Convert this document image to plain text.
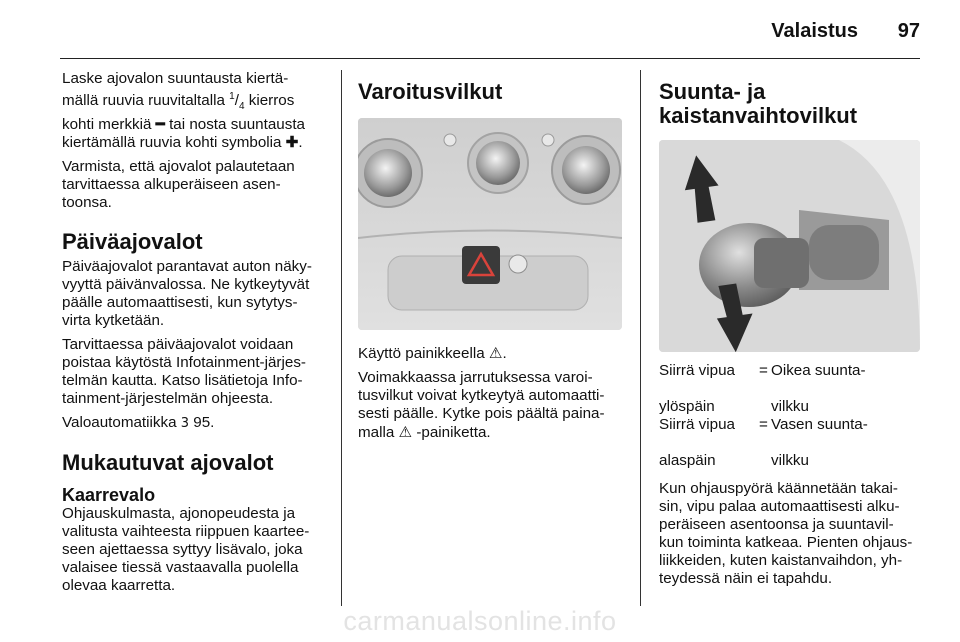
Valaistus 97

Laske ajovalon suuntausta kiertä-
mällä ruuvia ruuvitaltalla $^1/_4$ kierros
kohti merkkiä ━ tai nosta suuntausta
kiertämällä ruuvia kohti symbolia ✚.

Varmista, että ajovalot palautetaan
tarvittaessa alkuperäiseen asen-
toonsa.

Päiväajovalot

Päiväajovalot parantavat auton näky-
vyyttä päivänvalossa. Ne kytkeytyvät
päälle automaattisesti, kun sytytys-
virta kytketään.

Tarvittaessa päiväajovalot voidaan
poistaa käytöstä Infotainment-järjes-
telmän kautta. Katso lisätietoja Info-
tainment-järjestelmän ohjeesta.

Valoautomatiikka 3 95.

Mukautuvat ajovalot
Kaarrevalo

Ohjauskulmasta, ajonopeudesta ja
valitusta vaihteesta riippuen kaartee-
seen ajettaessa syttyy lisävalo, joka
valaisee tiessä vastaavalla puolella
olevaa kaarretta.

Varoitusvilkut

Käyttö painikkeella ⚠.

Voimakkaassa jarrutuksessa varoi-
tusvilkut voivat kytkeytyä automaatti-
sesti päälle. Kytke pois päältä paina-
malla ⚠ -painiketta.

Suunta- ja
kaistanvaihtovilkut
Siirrä vipua

ylöspäin
= Oikea suunta-

vilkku
Siirrä vipua

alaspäin
= Vasen suunta-

vilkku

Kun ohjauspyörä käännetään takai-
sin, vipu palaa automaattisesti alku-
peräiseen asentoonsa ja suuntavil-
kun toiminta katkeaa. Pienten ohjaus-
liikkeiden, kuten kaistanvaihdon, yh-
teydessä näin ei tapahdu.

carmanualsonline.info
